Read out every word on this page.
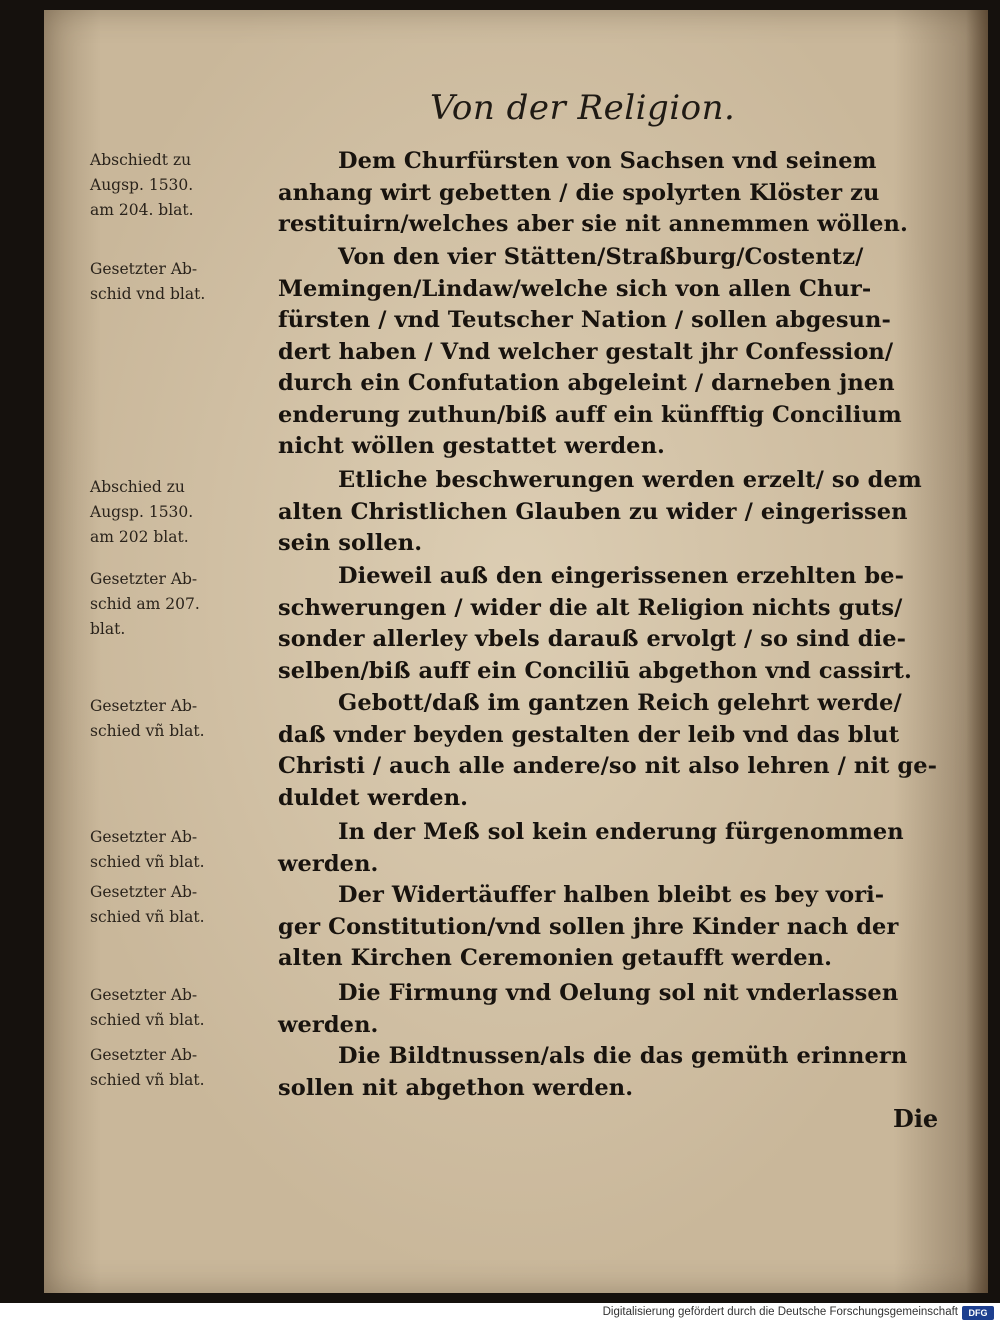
Von der Religion.
Abschiedt zu
Augsp. 1530.
am 204. blat.
Gesetzter Ab-
schid vnd blat.
Abschied zu
Augsp. 1530.
am 202 blat.
Gesetzter Ab-
schid am 207.
blat.
Gesetzter Ab-
schied vñ blat.
Gesetzter Ab-
schied vñ blat.
Gesetzter Ab-
schied vñ blat.
Gesetzter Ab-
schied vñ blat.
Gesetzter Ab-
schied vñ blat.
Dem Churfürsten von Sachsen vnd seinem
anhang wirt gebetten / die spolyrten Klöster zu
restituirn/welches aber sie nit annemmen wöllen.
Von den vier Stätten/Straßburg/Costentz/
Memingen/Lindaw/welche sich von allen Chur-
fürsten / vnd Teutscher Nation / sollen abgesun-
dert haben / Vnd welcher gestalt jhr Confession/
durch ein Confutation abgeleint / darneben jnen
enderung zuthun/biß auff ein künfftig Concilium
nicht wöllen gestattet werden.
Etliche beschwerungen werden erzelt/ so dem
alten Christlichen Glauben zu wider / eingerissen
sein sollen.
Dieweil auß den eingerissenen erzehlten be-
schwerungen / wider die alt Religion nichts guts/
sonder allerley vbels darauß ervolgt / so sind die-
selben/biß auff ein Conciliū abgethon vnd cassirt.
Gebott/daß im gantzen Reich gelehrt werde/
daß vnder beyden gestalten der leib vnd das blut
Christi / auch alle andere/so nit also lehren / nit ge-
duldet werden.
In der Meß sol kein enderung fürgenommen
werden.
Der Widertäuffer halben bleibt es bey vori-
ger Constitution/vnd sollen jhre Kinder nach der
alten Kirchen Ceremonien getaufft werden.
Die Firmung vnd Oelung sol nit vnderlassen
werden.
Die Bildtnussen/als die das gemüth erinnern
sollen nit abgethon werden.
Die
Digitalisierung gefördert durch die Deutsche Forschungsgemeinschaft	DFG
